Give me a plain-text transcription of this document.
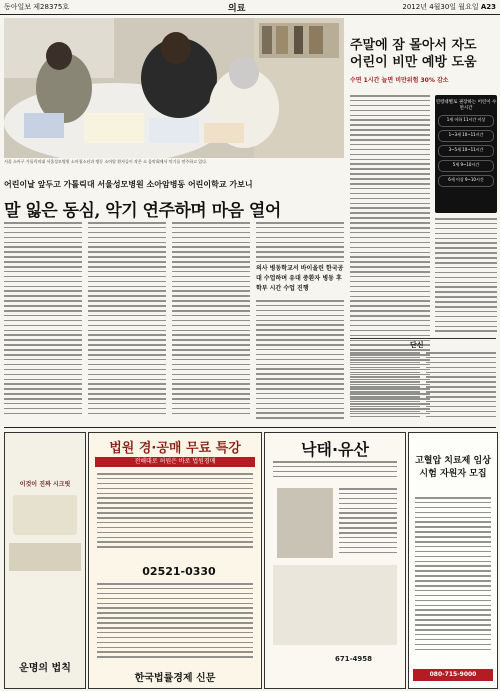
동아일보 제28375호	의료	2012년 4월30일 월요일 A23
서울 소아구 가톨릭의대 서울성모병원 소아청소년과 병동 소아암 환자들이 작은 소 음악회에서 악기를 연주하고 있다.
어린이날 앞두고 가톨릭대 서울성모병원 소아암병동 어린이학교 가보니
말 잃은 동심, 악기 연주하며 마음 열어
의사 병동학교서 바이올린 한국공대 수업하며 유대 중환자 병동 후 학부 시간 수업 진행
주말에 잠 몰아서 자도
어린이 비만 예방 도움
수면 1시간 늘면 비만위험 30% 감소
연령대별로 권장하는 어린이 수면시간
1세 이하 11시간 이상
1~3세 10~11시간
3~5세 10~11시간
5세 9~10시간
6세 이상 9~10시간
단신
이것이 진짜 시크릿
운명의 법칙
법원 경·공매 무료 특강
전해대로 허원은 바로 법원경매
02521-0330
한국법률경제 신문
낙태·유산
671-4958
고혈압 치료제 임상시험 자원자 모집
080-715-9000
